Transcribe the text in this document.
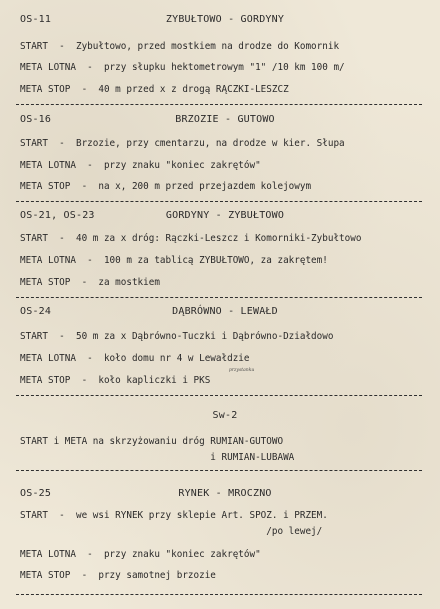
OS-11	ZYBUŁTOWO - GORDYNY
START  -  Zybułtowo, przed mostkiem na drodze do Komornik
META LOTNA  -  przy słupku hektometrowym "1" /10 km 100 m/
META STOP  -  40 m przed x z drogą RĄCZKI-LESZCZ
OS-16	BRZOZIE - GUTOWO
START  -  Brzozie, przy cmentarzu, na drodze w kier. Słupa
META LOTNA  -  przy znaku "koniec zakrętów"
META STOP  -  na x, 200 m przed przejazdem kolejowym
OS-21, OS-23	GORDYNY - ZYBUŁTOWO
START  -  40 m za x dróg: Rączki-Leszcz i Komorniki-Zybułtowo
META LOTNA  -  100 m za tablicą ZYBUŁTOWO, za zakrętem!
META STOP  -  za mostkiem
OS-24	DĄBRÓWNO - LEWAŁD
START  -  50 m za x Dąbrówno-Tuczki i Dąbrówno-Działdowo
META LOTNA  -  koło domu nr 4 w Lewałdzie
przystanku
META STOP  -  koło kapliczki i PKS
Sw-2
START i META na skrzyżowaniu dróg RUMIAN-GUTOWO
i RUMIAN-LUBAWA
OS-25	RYNEK - MROCZNO
START  -  we wsi RYNEK przy sklepie Art. SPOŻ. i PRZEM.
/po lewej/
META LOTNA  -  przy znaku "koniec zakrętów"
META STOP  -  przy samotnej brzozie
